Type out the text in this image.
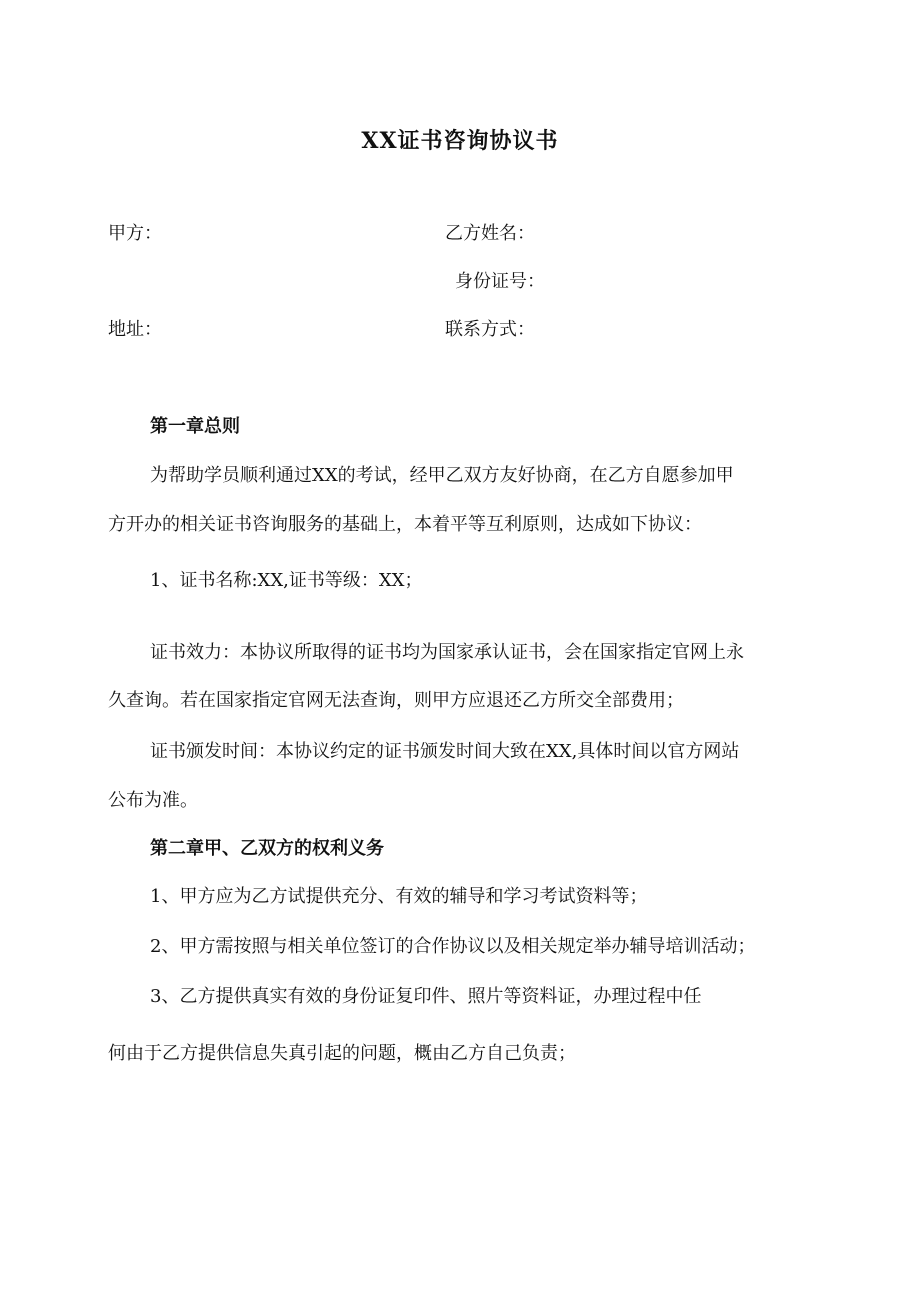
XX证书咨询协议书
甲方：	乙方姓名：
身份证号：
地址：	联系方式：
第一章总则
为帮助学员顺利通过XX的考试，经甲乙双方友好协商，在乙方自愿参加甲
方开办的相关证书咨询服务的基础上，本着平等互利原则，达成如下协议：
1、证书名称:XX,证书等级：XX；
证书效力：本协议所取得的证书均为国家承认证书，会在国家指定官网上永
久查询。若在国家指定官网无法查询，则甲方应退还乙方所交全部费用；
证书颁发时间：本协议约定的证书颁发时间大致在XX,具体时间以官方网站
公布为准。
第二章甲、乙双方的权利义务
1、甲方应为乙方试提供充分、有效的辅导和学习考试资料等；
2、甲方需按照与相关单位签订的合作协议以及相关规定举办辅导培训活动；
3、乙方提供真实有效的身份证复印件、照片等资料证，办理过程中任
何由于乙方提供信息失真引起的问题，概由乙方自己负责；
